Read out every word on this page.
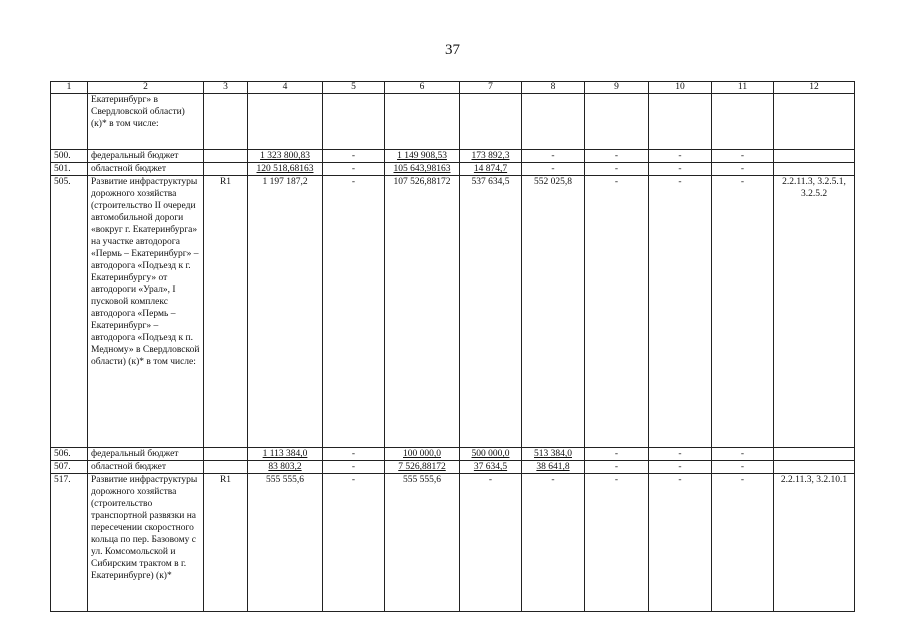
37
1	2	3	4	5	6	7	8	9	10	11	12
	Екатеринбург» в Свердловской области) (к)* в том числе:										
500.	федеральный бюджет		1 323 800,83	-	1 149 908,53	173 892,3	-	-	-	-	
501.	областной бюджет		120 518,68163	-	105 643,98163	14 874,7	-	-	-	-	
505.	Развитие инфраструктуры дорожного хозяйства (строительство II очереди автомобильной дороги «вокруг г. Екатеринбурга» на участке автодорога «Пермь – Екатеринбург» – автодорога «Подъезд к г. Екатеринбургу» от автодороги «Урал», I пусковой комплекс автодорога «Пермь – Екатеринбург» – автодорога «Подъезд к п. Медному» в Свердловской области) (к)* в том числе:	R1	1 197 187,2	-	107 526,88172	537 634,5	552 025,8	-	-	-	2.2.11.3, 3.2.5.1, 3.2.5.2
506.	федеральный бюджет		1 113 384,0	-	100 000,0	500 000,0	513 384,0	-	-	-	
507.	областной бюджет		83 803,2	-	7 526,88172	37 634,5	38 641,8	-	-	-	
517.	Развитие инфраструктуры дорожного хозяйства (строительство транспортной развязки на пересечении скоростного кольца по пер. Базовому с ул. Комсомольской и Сибирским трактом в г. Екатеринбурге) (к)*	R1	555 555,6	-	555 555,6	-	-	-	-	-	2.2.11.3, 3.2.10.1
